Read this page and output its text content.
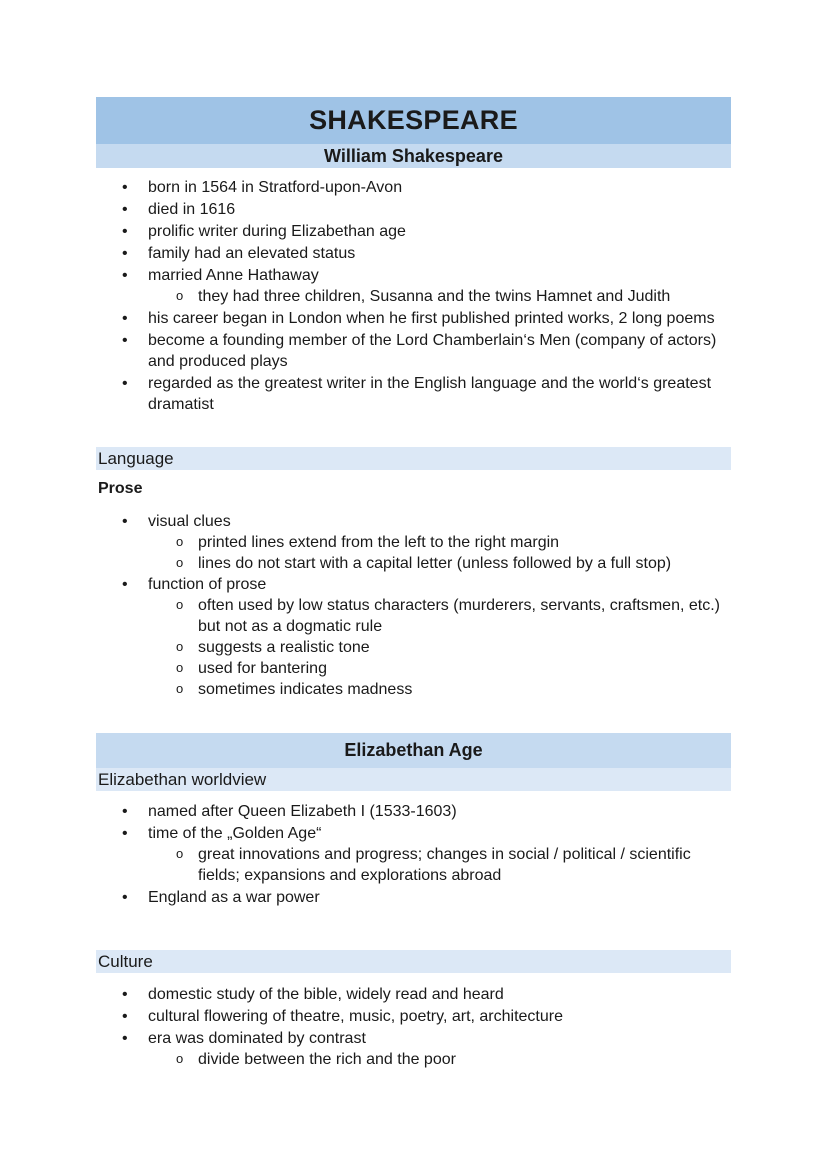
SHAKESPEARE
William Shakespeare
• born in 1564 in Stratford-upon-Avon
• died in 1616
• prolific writer during Elizabethan age
• family had an elevated status
• married Anne Hathaway
o they had three children, Susanna and the twins Hamnet and Judith
• his career began in London when he first published printed works, 2 long poems
• become a founding member of the Lord Chamberlain‘s Men (company of actors) and produced plays
• regarded as the greatest writer in the English language and the world‘s greatest dramatist
Language
Prose
• visual clues
o printed lines extend from the left to the right margin
o lines do not start with a capital letter (unless followed by a full stop)
• function of prose
o often used by low status characters (murderers, servants, craftsmen, etc.) but not as a dogmatic rule
o suggests a realistic tone
o used for bantering
o sometimes indicates madness
Elizabethan Age
Elizabethan worldview
• named after Queen Elizabeth I (1533-1603)
• time of the „Golden Age“
o great innovations and progress; changes in social / political / scientific fields; expansions and explorations abroad
• England as a war power
Culture
• domestic study of the bible, widely read and heard
• cultural flowering of theatre, music, poetry, art, architecture
• era was dominated by contrast
o divide between the rich and the poor
